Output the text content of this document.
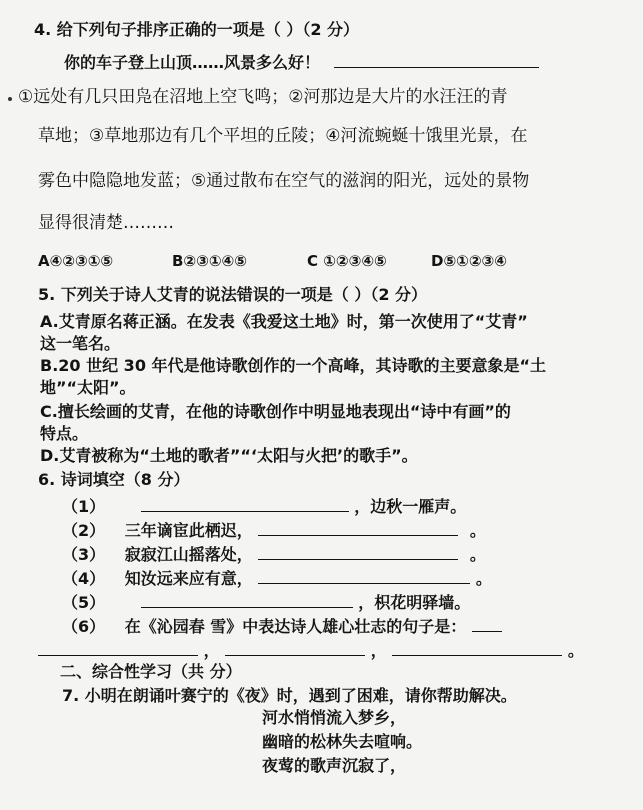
4. 给下列句子排序正确的一项是（ ）（2 分）
你的车子登上山顶……风景多么好！
①远处有几只田凫在沼地上空飞鸣；②河那边是大片的水汪汪的青
草地；③草地那边有几个平坦的丘陵；④河流蜿蜒十饿里光景，在
雾色中隐隐地发蓝；⑤通过散布在空气的滋润的阳光，远处的景物
显得很清楚………
A④②③①⑤	B②③①④⑤	C ①②③④⑤	D⑤①②③④
5. 下列关于诗人艾青的说法错误的一项是（ ）（2 分）
A.艾青原名蒋正涵。在发表《我爱这土地》时，第一次使用了“艾青”
这一笔名。
B.20 世纪 30 年代是他诗歌创作的一个高峰，其诗歌的主要意象是“土
地”“太阳”。
C.擅长绘画的艾青，在他的诗歌创作中明显地表现出“诗中有画”的
特点。
D.艾青被称为“土地的歌者”“‘太阳与火把’的歌手”。
6. 诗词填空（8 分）
（1）	，边秋一雁声。
（2） 三年谪宦此栖迟，	。
（3） 寂寂江山摇落处，	。
（4） 知汝远来应有意，	。
（5）	，枳花明驿墙。
（6） 在《沁园春 雪》中表达诗人雄心壮志的句子是：
，	，	。
二、综合性学习（共 分）
7. 小明在朗诵叶赛宁的《夜》时，遇到了困难，请你帮助解决。
河水悄悄流入梦乡，
幽暗的松林失去喧响。
夜莺的歌声沉寂了，
